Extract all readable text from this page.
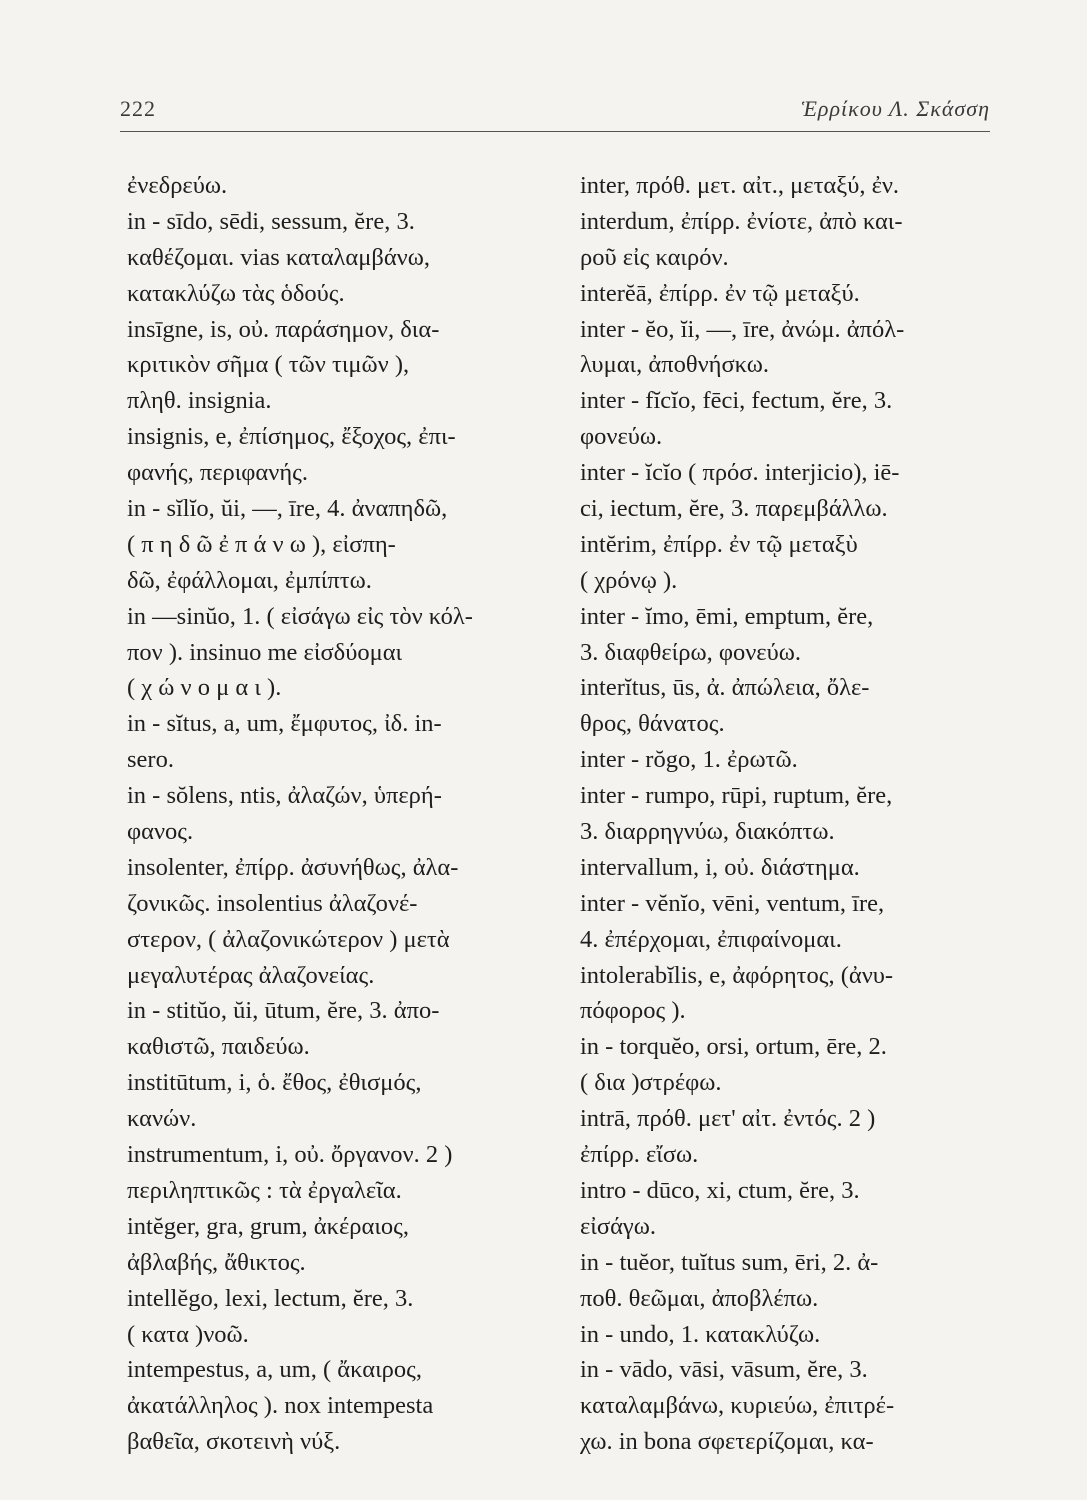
222	Ἑρρίκου Λ. Σκάσση
ἐνεδρεύω.
in - sīdo, sēdi, sessum, ĕre, 3.
καθέζομαι. vias καταλαμβάνω,
κατακλύζω τὰς ὁδούς.
insīgne, is, οὐ. παράσημον, δια-
κριτικὸν σῆμα ( τῶν τιμῶν ),
πληθ. insignia.
insignis, e, ἐπίσημος, ἔξοχος, ἐπι-
φανής, περιφανής.
in - sĭlĭo, ŭi, —, īre, 4. ἀναπηδῶ,
( π η δ ῶ ἐ π ά ν ω ), εἰσπη-
δῶ, ἐφάλλομαι, ἐμπίπτω.
in —sinŭo, 1. ( εἰσάγω εἰς τὸν κόλ-
πον ). insinuo me εἰσδύομαι
( χ ώ ν ο μ α ι ).
in - sĭtus, a, um, ἔμφυτος, ἰδ. in-
sero.
in - sŏlens, ntis, ἀλαζών, ὑπερή-
φανος.
insolenter, ἐπίρρ. ἀσυνήθως, ἀλα-
ζονικῶς. insolentius ἀλαζονέ-
στερον, ( ἀλαζονικώτερον ) μετὰ
μεγαλυτέρας ἀλαζονείας.
in - stitŭo, ŭi, ūtum, ĕre, 3. ἀπο-
καθιστῶ, παιδεύω.
institūtum, i, ὁ. ἔθος, ἐθισμός,
κανών.
instrumentum, i, οὐ. ὄργανον. 2 )
περιληπτικῶς : τὰ ἐργαλεῖα.
intĕger, gra, grum, ἀκέραιος,
ἀβλαβής, ἄθικτος.
intellĕgo, lexi, lectum, ĕre, 3.
( κατα )νοῶ.
intempestus, a, um, ( ἄκαιρος,
ἀκατάλληλος ). nox intempesta
βαθεῖα, σκοτεινὴ νύξ.
inter, πρόθ. μετ. αἰτ., μεταξύ, ἐν.
interdum, ἐπίρρ. ἐνίοτε, ἀπὸ και-
ροῦ εἰς καιρόν.
interĕā, ἐπίρρ. ἐν τῷ μεταξύ.
inter - ĕo, ĭi, —, īre, ἀνώμ. ἀπόλ-
λυμαι, ἀποθνήσκω.
inter - fĭcĭo, fēci, fectum, ĕre, 3.
φονεύω.
inter - ĭcĭo ( πρόσ. interjicio), iē-
ci, iectum, ĕre, 3. παρεμβάλλω.
intĕrim, ἐπίρρ. ἐν τῷ μεταξὺ
( χρόνῳ ).
inter - ĭmo, ēmi, emptum, ĕre,
3. διαφθείρω, φονεύω.
interĭtus, ūs, ἀ. ἀπώλεια, ὄλε-
θρος, θάνατος.
inter - rŏgo, 1. ἐρωτῶ.
inter - rumpo, rūpi, ruptum, ĕre,
3. διαρρηγνύω, διακόπτω.
intervallum, i, οὐ. διάστημα.
inter - vĕnĭo, vēni, ventum, īre,
4. ἐπέρχομαι, ἐπιφαίνομαι.
intolerabĭlis, e, ἀφόρητος, (ἀνυ-
πόφορος ).
in - torquĕo, orsi, ortum, ēre, 2.
( δια )στρέφω.
intrā, πρόθ. μετ' αἰτ. ἐντός. 2 )
ἐπίρρ. εἴσω.
intro - dūco, xi, ctum, ĕre, 3.
εἰσάγω.
in - tuĕor, tuĭtus sum, ēri, 2. ἀ-
ποθ. θεῶμαι, ἀποβλέπω.
in - undo, 1. κατακλύζω.
in - vādo, vāsi, vāsum, ĕre, 3.
καταλαμβάνω, κυριεύω, ἐπιτρέ-
χω. in bona σφετερίζομαι, κα-
